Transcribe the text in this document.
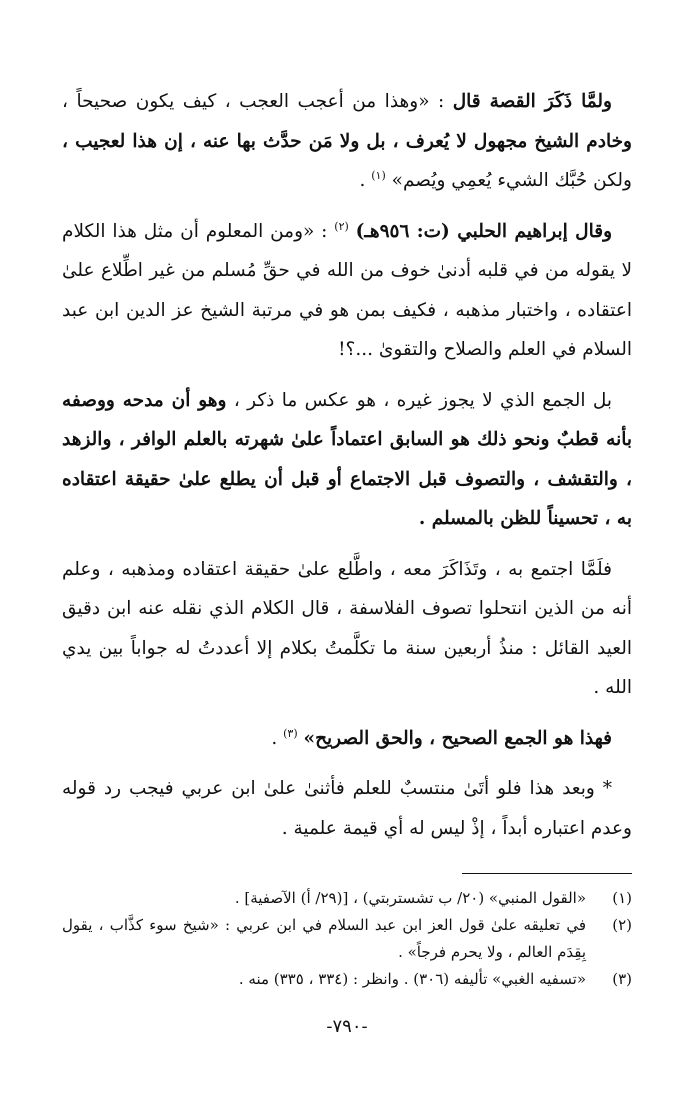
ولمَّا ذَكَرَ القصة قال : «وهذا من أعجب العجب ، كيف يكون صحيحاً ، وخادم الشيخ مجهول لا يُعرف ، بل ولا مَن حدَّث بها عنه ، إن هذا لعجيب ، ولكن حُبَّك الشيء يُعمِي ويُصم» $^{(١)}$ .

وقال إبراهيم الحلبي (ت: ٩٥٦هـ) $^{(٢)}$ : «ومن المعلوم أن مثل هذا الكلام لا يقوله من في قلبه أدنىٰ خوف من الله في حقِّ مُسلم من غير اطِّلاع علىٰ اعتقاده ، واختبار مذهبه ، فكيف بمن هو في مرتبة الشيخ عز الدين ابن عبد السلام في العلم والصلاح والتقوىٰ ...؟!

بل الجمع الذي لا يجوز غيره ، هو عكس ما ذكر ، وهو أن مدحه ووصفه بأنه قطبٌ ونحو ذلك هو السابق اعتماداً علىٰ شهرته بالعلم الوافر ، والزهد ، والتقشف ، والتصوف قبل الاجتماع أو قبل أن يطلع علىٰ حقيقة اعتقاده به ، تحسيناً للظن بالمسلم .

فلَمَّا اجتمع به ، وتَذَاكَرَ معه ، واطَّلع علىٰ حقيقة اعتقاده ومذهبه ، وعلم أنه من الذين انتحلوا تصوف الفلاسفة ، قال الكلام الذي نقله عنه ابن دقيق العيد القائل : منذُ أربعين سنة ما تكلَّمتُ بكلام إلا أعددتُ له جواباً بين يدي الله .

فهذا هو الجمع الصحيح ، والحق الصريح» $^{(٣)}$ .

* وبعد هذا فلو أتَىٰ منتسبٌ للعلم فأثنىٰ علىٰ ابن عربي فيجب رد قوله وعدم اعتباره أبداً ، إذْ ليس له أي قيمة علمية .

(١)
«القول المنبي» (٢٠/ ب تشستربتي) ، [(٢٩/ أ) الآصفية] .
(٢)
في تعليقه علىٰ قول العز ابن عبد السلام في ابن عربي : «شيخ سوء كذَّاب ، يقول بِقِدَم العالم ، ولا يحرم فرجاً» .
(٣)
«تسفيه الغبي» تأليفه (٣٠٦) . وانظر : (٣٣٤ ، ٣٣٥) منه .
-٧٩٠-
